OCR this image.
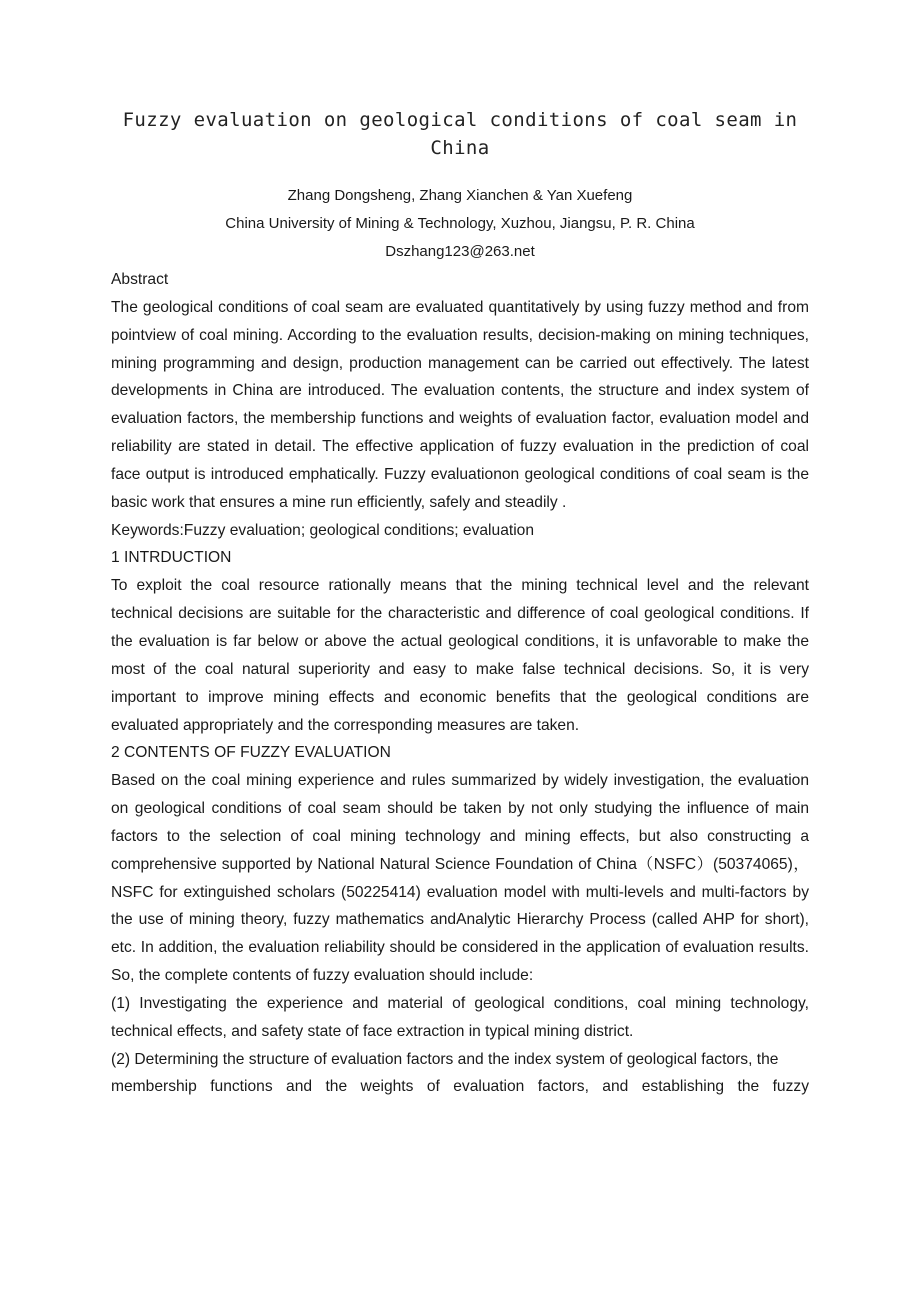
Fuzzy evaluation on geological conditions of coal seam in China
Zhang Dongsheng, Zhang Xianchen & Yan Xuefeng
China University of Mining & Technology, Xuzhou, Jiangsu, P. R. China
Dszhang123@263.net

Abstract

The geological conditions of coal seam are evaluated quantitatively by using fuzzy method and from pointview of coal mining. According to the evaluation results, decision-making on mining techniques, mining programming and design, production management can be carried out effectively. The latest developments in China are introduced. The evaluation contents, the structure and index system of evaluation factors, the membership functions and weights of evaluation factor, evaluation model and reliability are stated in detail. The effective application of fuzzy evaluation in the prediction of coal face output is introduced emphatically. Fuzzy evaluationon geological conditions of coal seam is the basic work that ensures a mine run efficiently, safely and steadily .

Keywords:Fuzzy evaluation; geological conditions; evaluation

1 INTRDUCTION

To exploit the coal resource rationally means that the mining technical level and the relevant technical decisions are suitable for the characteristic and difference of coal geological conditions. If the evaluation is far below or above the actual geological conditions, it is unfavorable to make the most of the coal natural superiority and easy to make false technical decisions. So, it is very important to improve mining effects and economic benefits that the geological conditions are evaluated appropriately and the corresponding measures are taken.

2 CONTENTS OF FUZZY EVALUATION

Based on the coal mining experience and rules summarized by widely investigation, the evaluation on geological conditions of coal seam should be taken by not only studying the influence of main factors to the selection of coal mining technology and mining effects, but also constructing a comprehensive supported by National Natural Science Foundation of China（NSFC）(50374065)，NSFC for extinguished scholars (50225414) evaluation model with multi-levels and multi-factors by the use of mining theory, fuzzy mathematics andAnalytic Hierarchy Process (called AHP for short), etc. In addition, the evaluation reliability should be considered in the application of evaluation results. So, the complete contents of fuzzy evaluation should include:

(1) Investigating the experience and material of geological conditions, coal mining technology, technical effects, and safety state of face extraction in typical mining district.

(2) Determining the structure of evaluation factors and the index system of geological factors, the

membership functions and the weights of evaluation factors, and establishing the fuzzy
